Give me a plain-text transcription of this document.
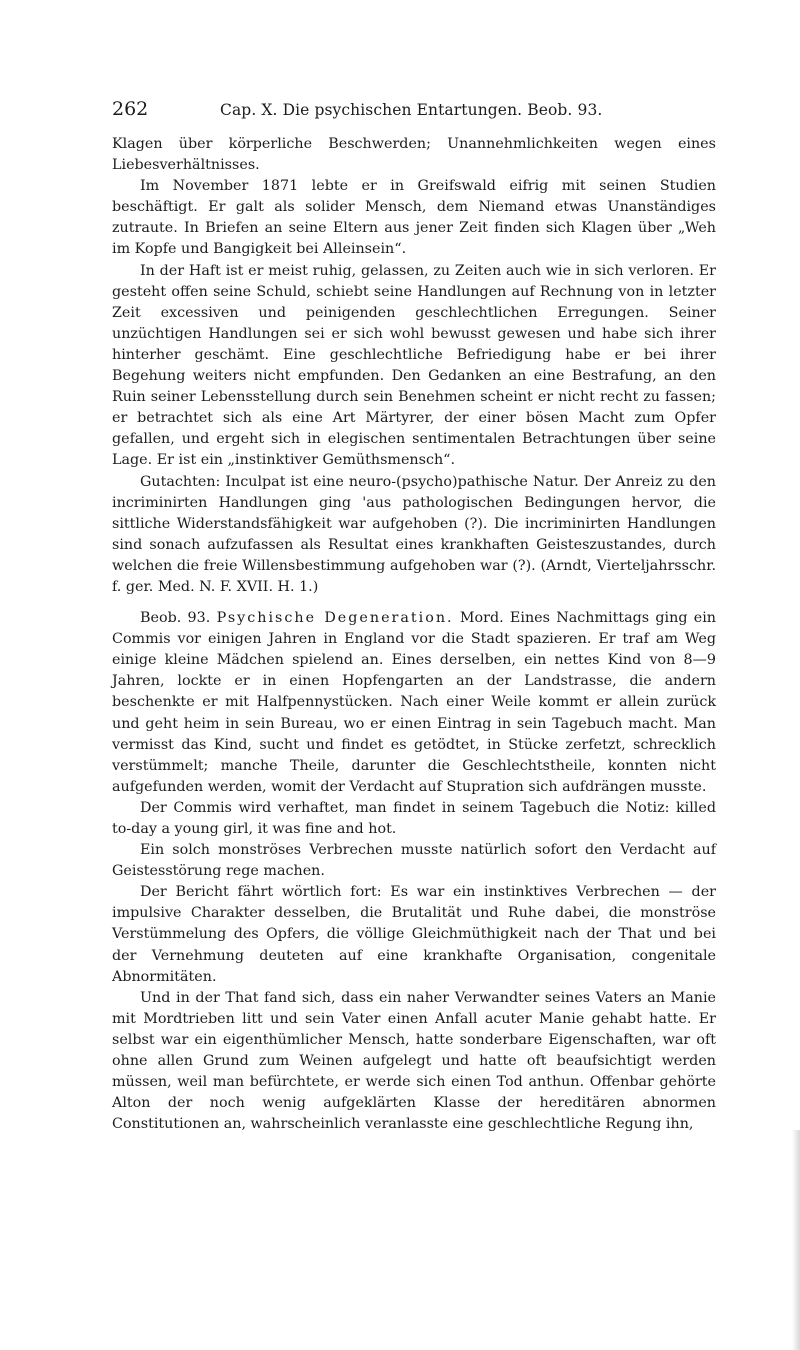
262	Cap. X. Die psychischen Entartungen. Beob. 93.

Klagen über körperliche Beschwerden; Unannehmlichkeiten wegen eines Liebesverhältnisses.

Im November 1871 lebte er in Greifswald eifrig mit seinen Studien beschäftigt. Er galt als solider Mensch, dem Niemand etwas Unanständiges zutraute. In Briefen an seine Eltern aus jener Zeit finden sich Klagen über „Weh im Kopfe und Bangigkeit bei Alleinsein“.

In der Haft ist er meist ruhig, gelassen, zu Zeiten auch wie in sich verloren. Er gesteht offen seine Schuld, schiebt seine Handlungen auf Rechnung von in letzter Zeit excessiven und peinigenden geschlechtlichen Erregungen. Seiner unzüchtigen Handlungen sei er sich wohl bewusst gewesen und habe sich ihrer hinterher geschämt. Eine geschlechtliche Befriedigung habe er bei ihrer Begehung weiters nicht empfunden. Den Gedanken an eine Bestrafung, an den Ruin seiner Lebensstellung durch sein Benehmen scheint er nicht recht zu fassen; er betrachtet sich als eine Art Märtyrer, der einer bösen Macht zum Opfer gefallen, und ergeht sich in elegischen sentimentalen Betrachtungen über seine Lage. Er ist ein „instinktiver Gemüthsmensch“.

Gutachten: Inculpat ist eine neuro-(psycho)pathische Natur. Der Anreiz zu den incriminirten Handlungen ging 'aus pathologischen Bedingungen hervor, die sittliche Widerstandsfähigkeit war aufgehoben (?). Die incriminirten Handlungen sind sonach aufzufassen als Resultat eines krankhaften Geisteszustandes, durch welchen die freie Willensbestimmung aufgehoben war (?). (Arndt, Vierteljahrsschr. f. ger. Med. N. F. XVII. H. 1.)

Beob. 93. Psychische Degeneration. Mord. Eines Nachmittags ging ein Commis vor einigen Jahren in England vor die Stadt spazieren. Er traf am Weg einige kleine Mädchen spielend an. Eines derselben, ein nettes Kind von 8—9 Jahren, lockte er in einen Hopfengarten an der Landstrasse, die andern beschenkte er mit Halfpennystücken. Nach einer Weile kommt er allein zurück und geht heim in sein Bureau, wo er einen Eintrag in sein Tagebuch macht. Man vermisst das Kind, sucht und findet es getödtet, in Stücke zerfetzt, schrecklich verstümmelt; manche Theile, darunter die Geschlechtstheile, konnten nicht aufgefunden werden, womit der Verdacht auf Stupration sich aufdrängen musste.

Der Commis wird verhaftet, man findet in seinem Tagebuch die Notiz: killed to-day a young girl, it was fine and hot.

Ein solch monströses Verbrechen musste natürlich sofort den Verdacht auf Geistesstörung rege machen.

Der Bericht fährt wörtlich fort: Es war ein instinktives Verbrechen — der impulsive Charakter desselben, die Brutalität und Ruhe dabei, die monströse Verstümmelung des Opfers, die völlige Gleichmüthigkeit nach der That und bei der Vernehmung deuteten auf eine krankhafte Organisation, congenitale Abnormitäten.

Und in der That fand sich, dass ein naher Verwandter seines Vaters an Manie mit Mordtrieben litt und sein Vater einen Anfall acuter Manie gehabt hatte. Er selbst war ein eigenthümlicher Mensch, hatte sonderbare Eigenschaften, war oft ohne allen Grund zum Weinen aufgelegt und hatte oft beaufsichtigt werden müssen, weil man befürchtete, er werde sich einen Tod anthun. Offenbar gehörte Alton der noch wenig aufgeklärten Klasse der hereditären abnormen Constitutionen an, wahrscheinlich veranlasste eine geschlechtliche Regung ihn,
